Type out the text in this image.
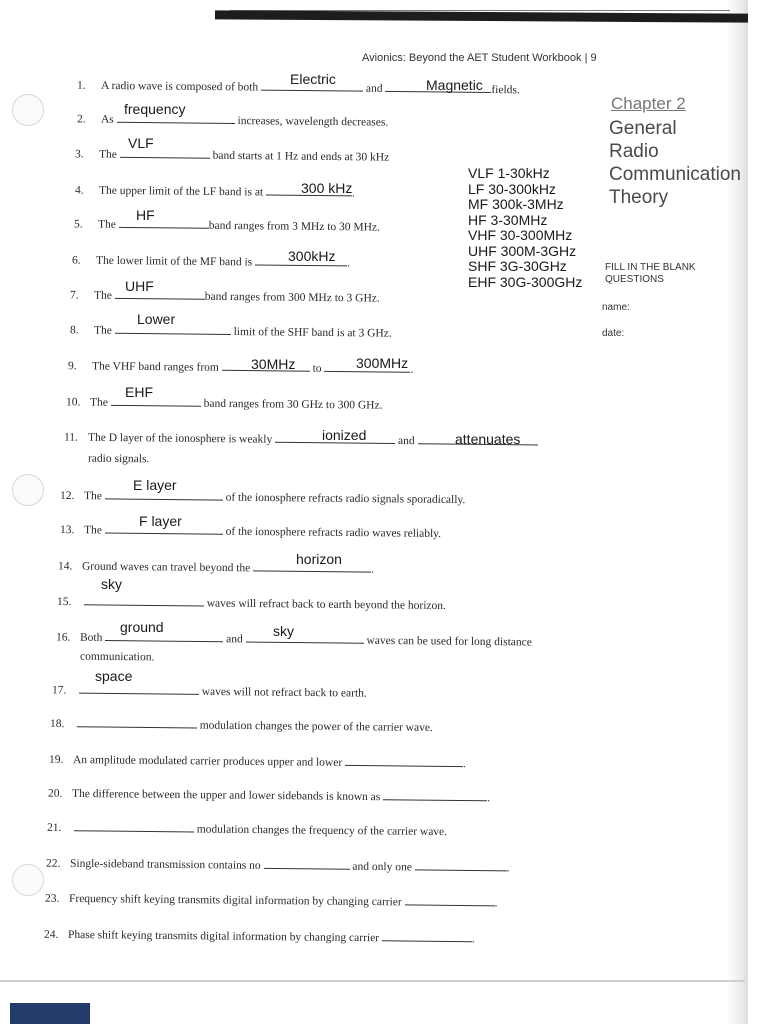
Avionics: Beyond the AET Student Workbook | 9
Chapter 2
General
Radio
Communication
Theory
FILL IN THE BLANK
QUESTIONS
name:
date:
VLF 1-30kHz
LF 30-300kHz
MF 300k-3MHz
HF 3-30MHz
VHF 30-300MHz
UHF 300M-3GHz
SHF 3G-30GHz
EHF 30G-300GHz
1. A radio wave is composed of both	and	fields.
Electric	Magnetic
2. As	increases, wavelength decreases.
frequency
3. The	band starts at 1 Hz and ends at 30 kHz
VLF
4. The upper limit of the LF band is at	.
300 kHz
5. The	band ranges from 3 MHz to 30 MHz.
HF
6. The lower limit of the MF band is	.
300kHz
7. The	band ranges from 300 MHz to 3 GHz.
UHF
8. The	limit of the SHF band is at 3 GHz.
Lower
9. The VHF band ranges from	to	.
30MHz	300MHz
10. The	band ranges from 30 GHz to 300 GHz.
EHF
11. The D layer of the ionosphere is weakly	and
radio signals.
ionized	attenuates
12. The	of the ionosphere refracts radio signals sporadically.
E layer
13. The	of the ionosphere refracts radio waves reliably.
F layer
14. Ground waves can travel beyond the	.
horizon
15.	waves will refract back to earth beyond the horizon.
sky
16. Both	and	waves can be used for long distance
communication.
ground	sky
17.	waves will not refract back to earth.
space
18.	modulation changes the power of the carrier wave.
19. An amplitude modulated carrier produces upper and lower	.
20. The difference between the upper and lower sidebands is known as	.
21.	modulation changes the frequency of the carrier wave.
22. Single-sideband transmission contains no	and only one	.
23. Frequency shift keying transmits digital information by changing carrier	.
24. Phase shift keying transmits digital information by changing carrier	.
